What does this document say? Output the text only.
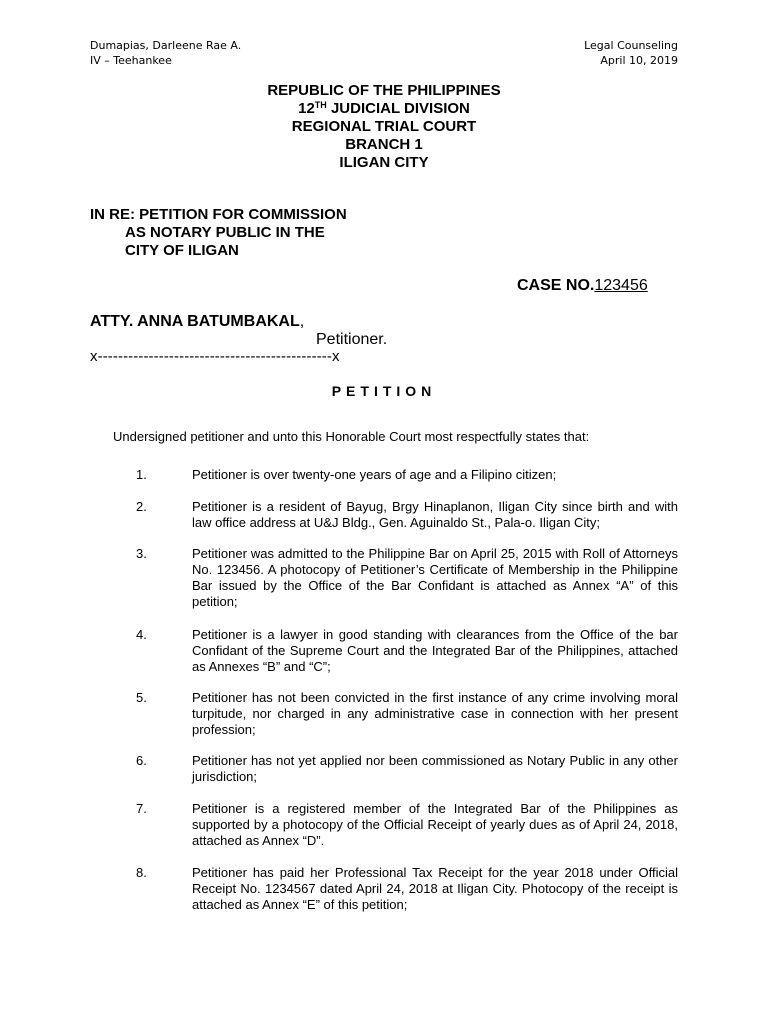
Dumapias, Darleene Rae A.
IV – Teehankee
Legal Counseling
April 10, 2019
REPUBLIC OF THE PHILIPPINES
12TH JUDICIAL DIVISION
REGIONAL TRIAL COURT
BRANCH 1
ILIGAN CITY
IN RE: PETITION FOR COMMISSION
AS NOTARY PUBLIC IN THE
CITY OF ILIGAN
CASE NO.123456
ATTY. ANNA BATUMBAKAL,
Petitioner.
x----------------------------------------------x
PETITION
Undersigned petitioner and unto this Honorable Court most respectfully states that:
1.	Petitioner is over twenty-one years of age and a Filipino citizen;
2.	Petitioner is a resident of Bayug, Brgy Hinaplanon, Iligan City since birth and with law office address at U&J Bldg., Gen. Aguinaldo St., Pala-o. Iligan City;
3.	Petitioner was admitted to the Philippine Bar on April 25, 2015 with Roll of Attorneys No. 123456. A photocopy of Petitioner’s Certificate of Membership in the Philippine Bar issued by the Office of the Bar Confidant is attached as Annex “A” of this petition;
4.	Petitioner is a lawyer in good standing with clearances from the Office of the bar Confidant of the Supreme Court and the Integrated Bar of the Philippines, attached as Annexes “B” and “C”;
5.	Petitioner has not been convicted in the first instance of any crime involving moral turpitude, nor charged in any administrative case in connection with her present profession;
6.	Petitioner has not yet applied nor been commissioned as Notary Public in any other jurisdiction;
7.	Petitioner is a registered member of the Integrated Bar of the Philippines as supported by a photocopy of the Official Receipt of yearly dues as of April 24, 2018, attached as Annex “D”.
8.	Petitioner has paid her Professional Tax Receipt for the year 2018 under Official Receipt No. 1234567 dated April 24, 2018 at Iligan City. Photocopy of the receipt is attached as Annex “E” of this petition;
